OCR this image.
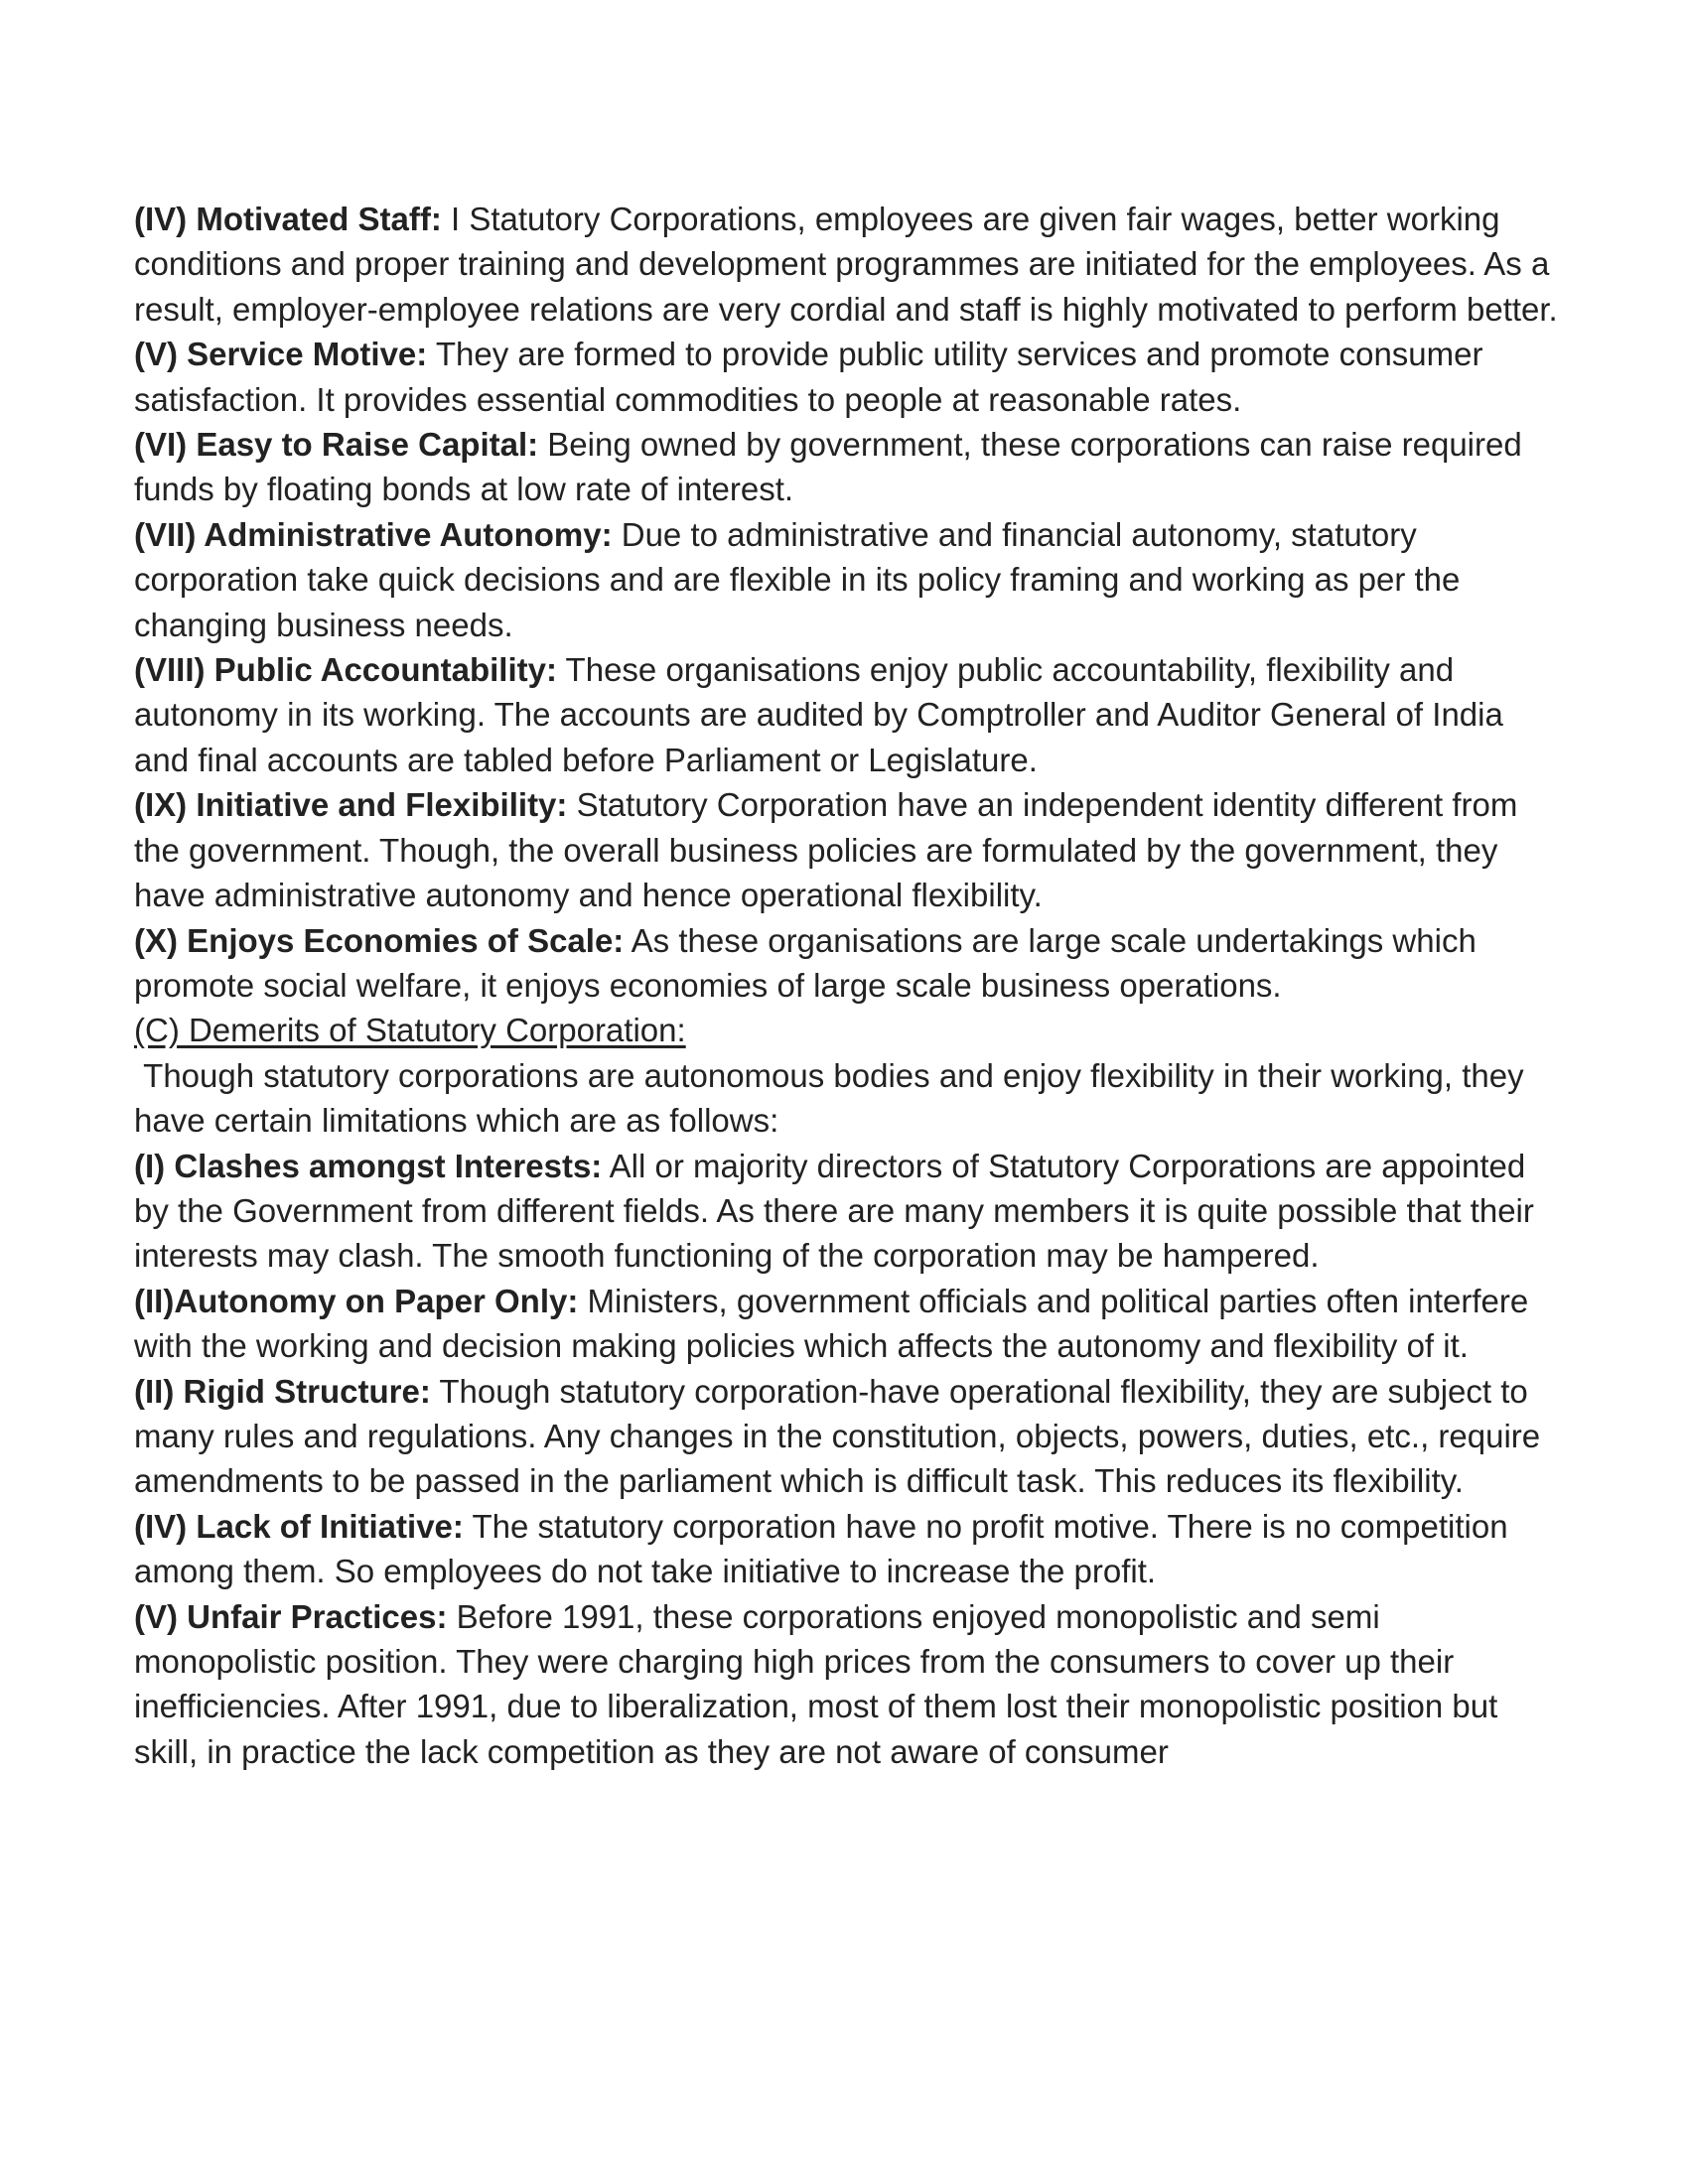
(IV) Motivated Staff: I Statutory Corporations, employees are given fair wages, better working conditions and proper training and development programmes are initiated for the employees. As a result, employer-employee relations are very cordial and staff is highly motivated to perform better.

(V) Service Motive: They are formed to provide public utility services and promote consumer satisfaction. It provides essential commodities to people at reasonable rates.

(VI) Easy to Raise Capital: Being owned by government, these corporations can raise required funds by floating bonds at low rate of interest.

(VII) Administrative Autonomy: Due to administrative and financial autonomy, statutory corporation take quick decisions and are flexible in its policy framing and working as per the changing business needs.

(VIII) Public Accountability: These organisations enjoy public accountability, flexibility and autonomy in its working. The accounts are audited by Comptroller and Auditor General of India and final accounts are tabled before Parliament or Legislature.

(IX) Initiative and Flexibility: Statutory Corporation have an independent identity different from the government. Though, the overall business policies are formulated by the government, they have administrative autonomy and hence operational flexibility.

(X) Enjoys Economies of Scale: As these organisations are large scale undertakings which promote social welfare, it enjoys economies of large scale business operations.

(C) Demerits of Statutory Corporation:

Though statutory corporations are autonomous bodies and enjoy flexibility in their working, they have certain limitations which are as follows:

(I) Clashes amongst Interests: All or majority directors of Statutory Corporations are appointed by the Government from different fields. As there are many members it is quite possible that their interests may clash. The smooth functioning of the corporation may be hampered.

(II)Autonomy on Paper Only: Ministers, government officials and political parties often interfere with the working and decision making policies which affects the autonomy and flexibility of it.

(II) Rigid Structure: Though statutory corporation-have operational flexibility, they are subject to many rules and regulations. Any changes in the constitution, objects, powers, duties, etc., require amendments to be passed in the parliament which is difficult task. This reduces its flexibility.

(IV) Lack of Initiative: The statutory corporation have no profit motive. There is no competition among them. So employees do not take initiative to increase the profit.

(V) Unfair Practices: Before 1991, these corporations enjoyed monopolistic and semi monopolistic position. They were charging high prices from the consumers to cover up their inefficiencies. After 1991, due to liberalization, most of them lost their monopolistic position but skill, in practice the lack competition as they are not aware of consumer
